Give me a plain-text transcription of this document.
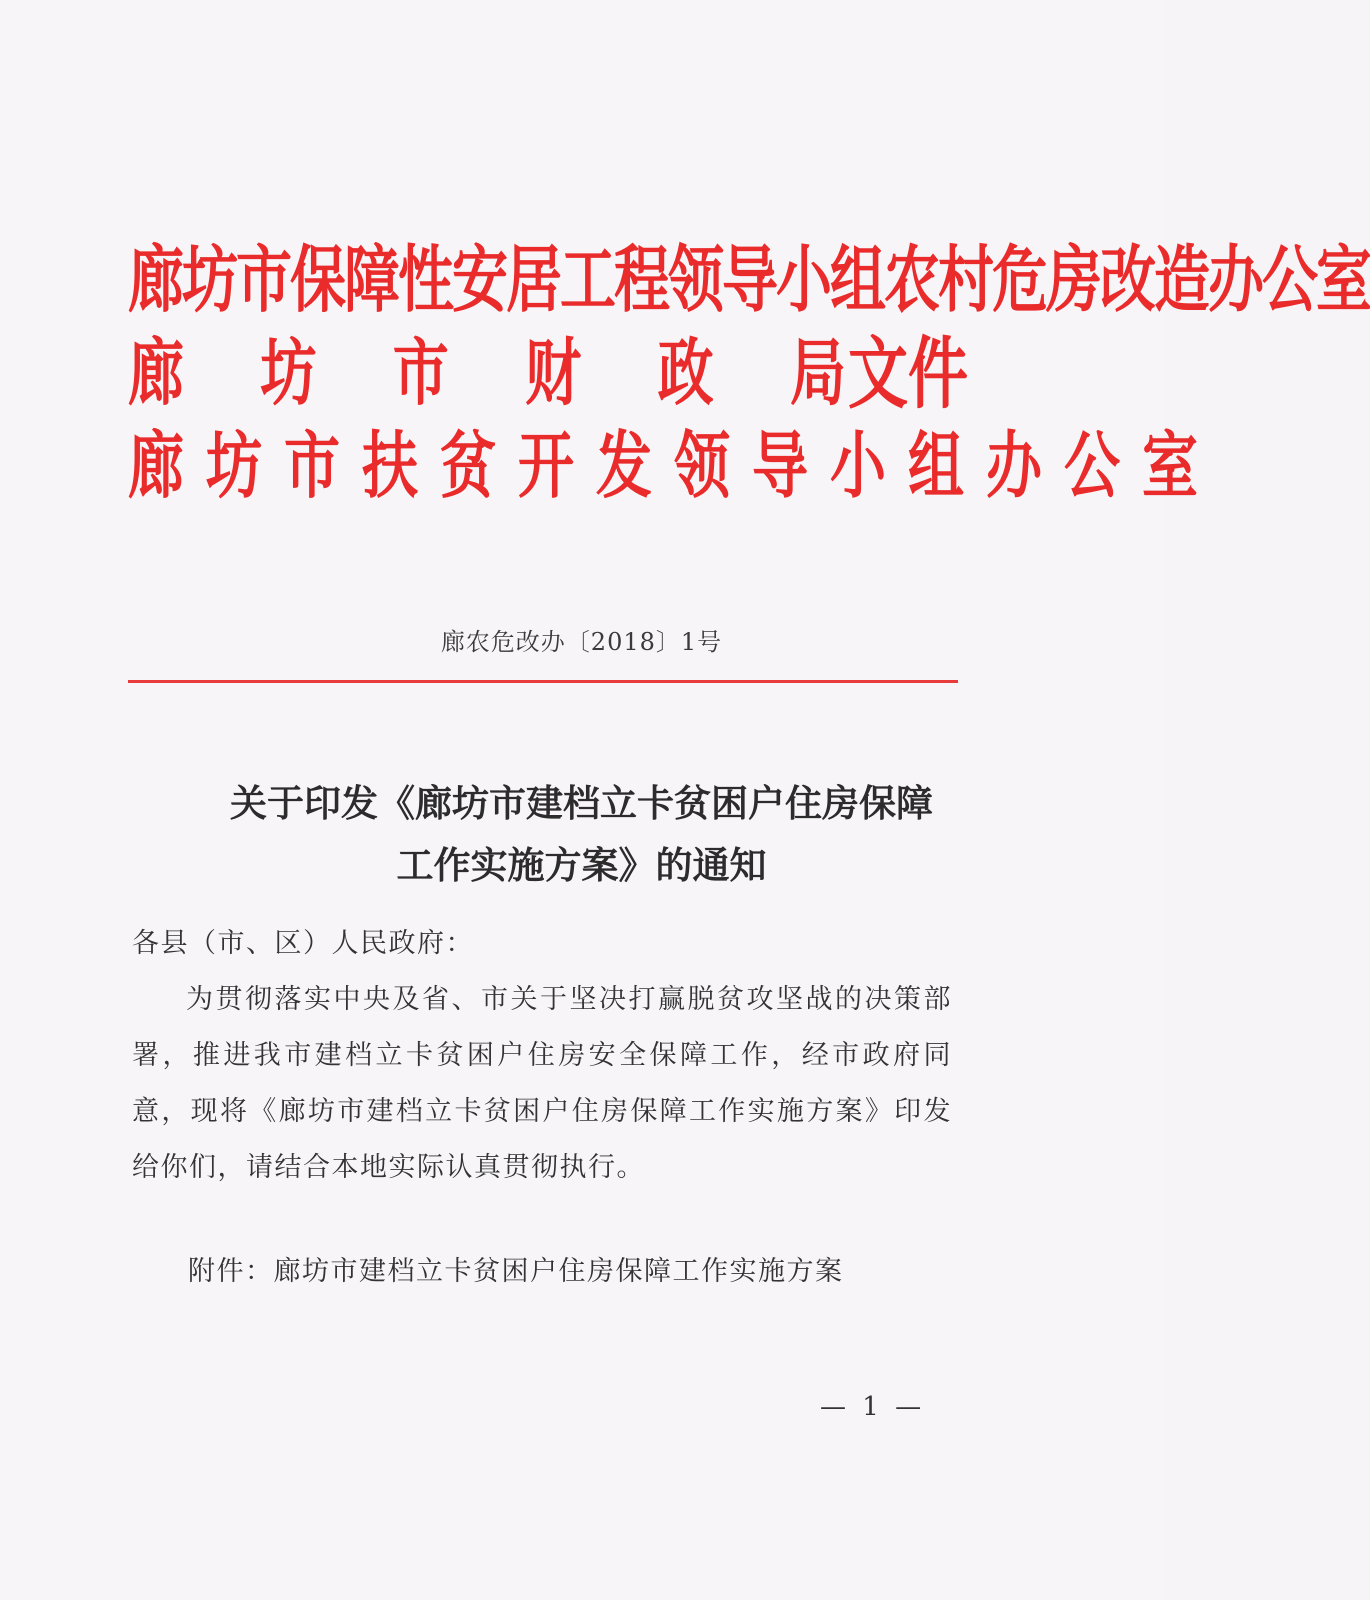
廊坊市保障性安居工程领导小组农村危房改造办公室
廊 坊 市 财 政 局 文件
廊坊市扶贫开发领导小组办公室
廊农危改办〔2018〕1号
关于印发《廊坊市建档立卡贫困户住房保障
工作实施方案》的通知
各县（市、区）人民政府：
为贯彻落实中央及省、市关于坚决打赢脱贫攻坚战的决策部署，推进我市建档立卡贫困户住房安全保障工作，经市政府同意，现将《廊坊市建档立卡贫困户住房保障工作实施方案》印发给你们，请结合本地实际认真贯彻执行。
附件：廊坊市建档立卡贫困户住房保障工作实施方案
— 1 —
